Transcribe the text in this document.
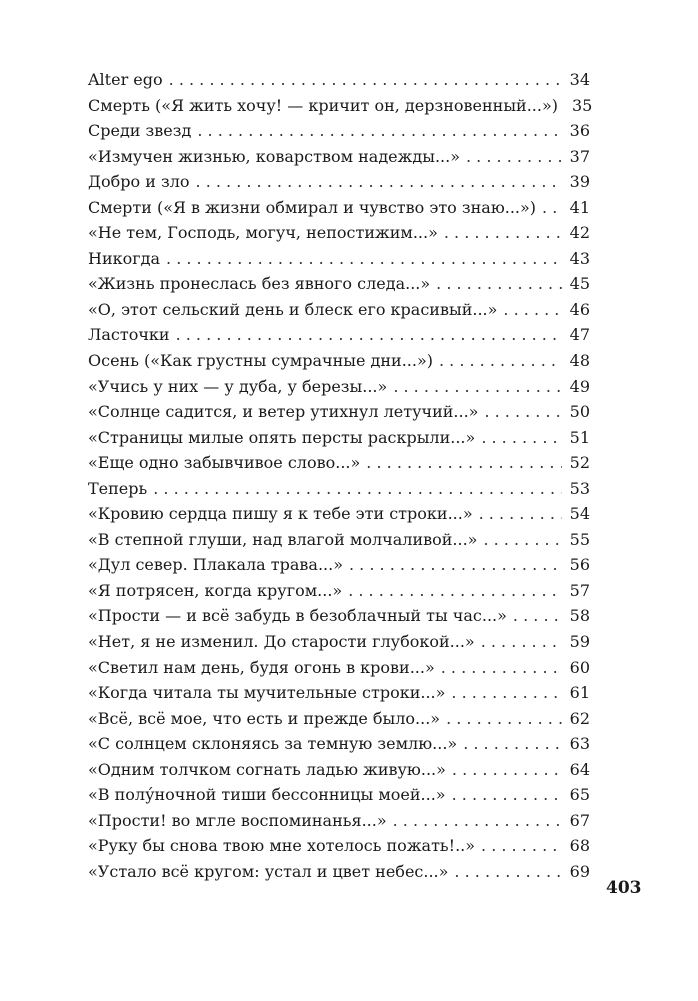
Alter ego . . .	34
Смерть («Я жить хочу! — кричит он, дерзновенный...») 35
Среди звезд . . .	36
«Измучен жизнью, коварством надежды...» . . .	37
Добро и зло . . .	39
Смерти («Я в жизни обмирал и чувство это знаю...») . . . 41
«Не тем, Господь, могуч, непостижим...» . . .	42
Никогда . . .	43
«Жизнь пронеслась без явного следа...» . . .	45
«О, этот сельский день и блеск его красивый...» . . .	46
Ласточки . . .	47
Осень («Как грустны сумрачные дни...») . . .	48
«Учись у них — у дуба, у березы...» . . .	49
«Солнце садится, и ветер утихнул летучий...» . . .	50
«Страницы милые опять персты раскрыли...» . . .	51
«Еще одно забывчивое слово...» . . .	52
Теперь . . .	53
«Кровию сердца пишу я к тебе эти строки...» . . .	54
«В степной глуши, над влагой молчаливой...» . . .	55
«Дул север. Плакала трава...» . . .	56
«Я потрясен, когда кругом...» . . .	57
«Прости — и всё забудь в безоблачный ты час...» . . .	58
«Нет, я не изменил. До старости глубокой...» . . .	59
«Светил нам день, будя огонь в крови...» . . .	60
«Когда читала ты мучительные строки...» . . .	61
«Всё, всё мое, что есть и прежде было...» . . .	62
«С солнцем склоняясь за темную землю...» . . .	63
«Одним толчком согнать ладью живую...» . . .	64
«В полу́ночной тиши бессонницы моей...» . . .	65
«Прости! во мгле воспоминанья...» . . .	67
«Руку бы снова твою мне хотелось пожать!..» . . .	68
«Устало всё кругом: устал и цвет небес...» . . .	69
403
